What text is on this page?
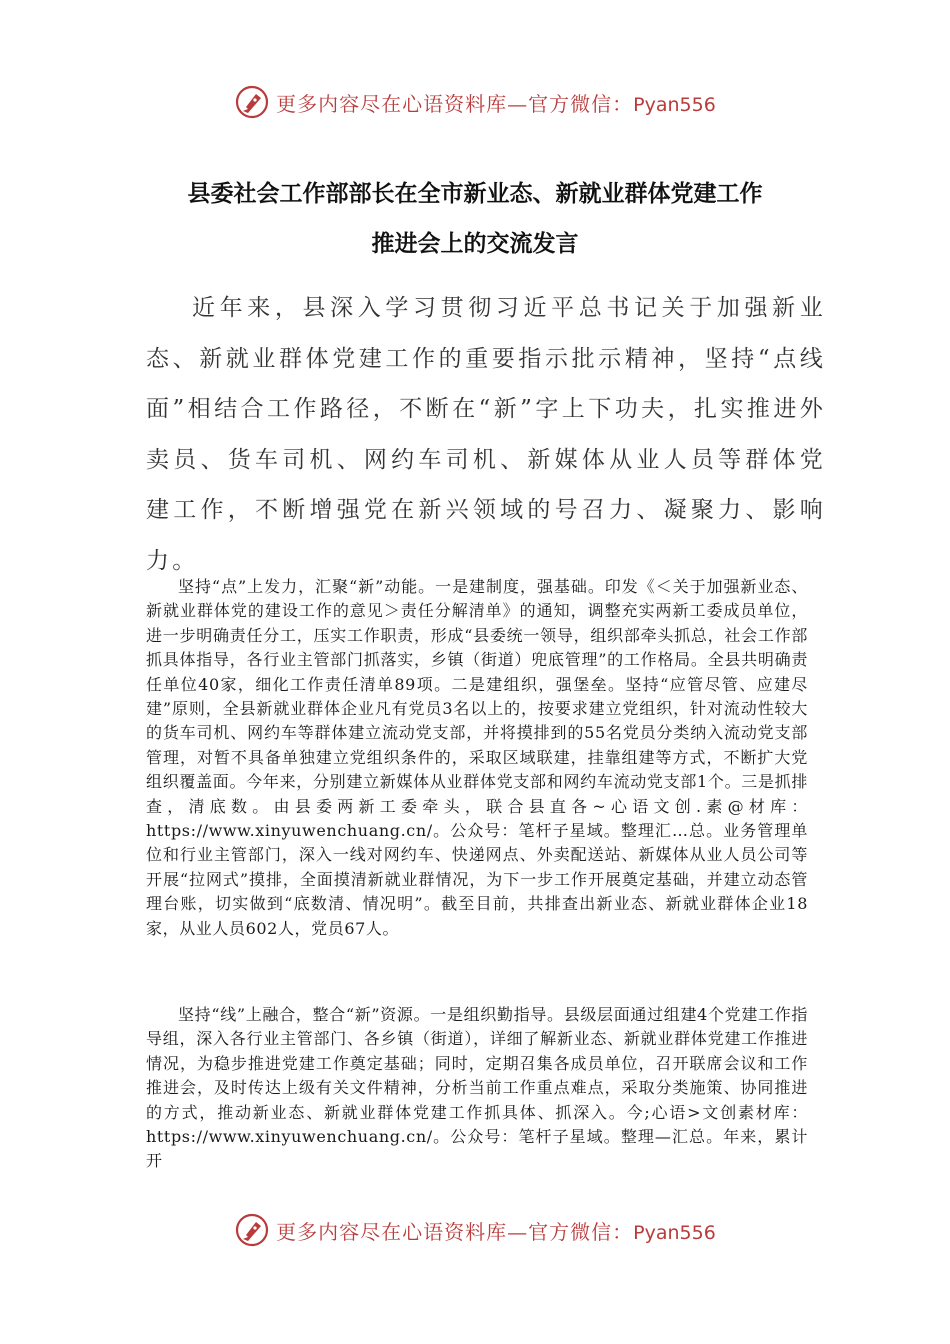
更多内容尽在心语资料库—官方微信：Pyan556
县委社会工作部部长在全市新业态、新就业群体党建工作
推进会上的交流发言
近年来，县深入学习贯彻习近平总书记关于加强新业态、新就业群体党建工作的重要指示批示精神，坚持“点线面”相结合工作路径，不断在“新”字上下功夫，扎实推进外卖员、货车司机、网约车司机、新媒体从业人员等群体党建工作，不断增强党在新兴领域的号召力、凝聚力、影响力。
坚持“点”上发力，汇聚“新”动能。一是建制度，强基础。印发《＜关于加强新业态、新就业群体党的建设工作的意见＞责任分解清单》的通知，调整充实两新工委成员单位，进一步明确责任分工，压实工作职责，形成“县委统一领导，组织部牵头抓总，社会工作部抓具体指导，各行业主管部门抓落实，乡镇（街道）兜底管理”的工作格局。全县共明确责任单位40家，细化工作责任清单89项。二是建组织，强堡垒。坚持“应管尽管、应建尽建”原则，全县新就业群体企业凡有党员3名以上的，按要求建立党组织，针对流动性较大的货车司机、网约车等群体建立流动党支部，并将摸排到的55名党员分类纳入流动党支部管理，对暂不具备单独建立党组织条件的，采取区域联建，挂靠组建等方式，不断扩大党组织覆盖面。今年来，分别建立新媒体从业群体党支部和网约车流动党支部1个。三是抓排查，清底数。由县委两新工委牵头，联合县直各~心语文创.素@材库：https://www.xinyuwenchuang.cn/。公众号：笔杆子星域。整理汇…总。业务管理单位和行业主管部门，深入一线对网约车、快递网点、外卖配送站、新媒体从业人员公司等开展“拉网式”摸排，全面摸清新就业群情况，为下一步工作开展奠定基础，并建立动态管理台账，切实做到“底数清、情况明”。截至目前，共排查出新业态、新就业群体企业18家，从业人员602人，党员67人。
坚持“线”上融合，整合“新”资源。一是组织勤指导。县级层面通过组建4个党建工作指导组，深入各行业主管部门、各乡镇（街道），详细了解新业态、新就业群体党建工作推进情况，为稳步推进党建工作奠定基础；同时，定期召集各成员单位，召开联席会议和工作推进会，及时传达上级有关文件精神，分析当前工作重点难点，采取分类施策、协同推进的方式，推动新业态、新就业群体党建工作抓具体、抓深入。今;心语>文创素材库：https://www.xinyuwenchuang.cn/。公众号：笔杆子星域。整理—汇总。年来，累计开
更多内容尽在心语资料库—官方微信：Pyan556
